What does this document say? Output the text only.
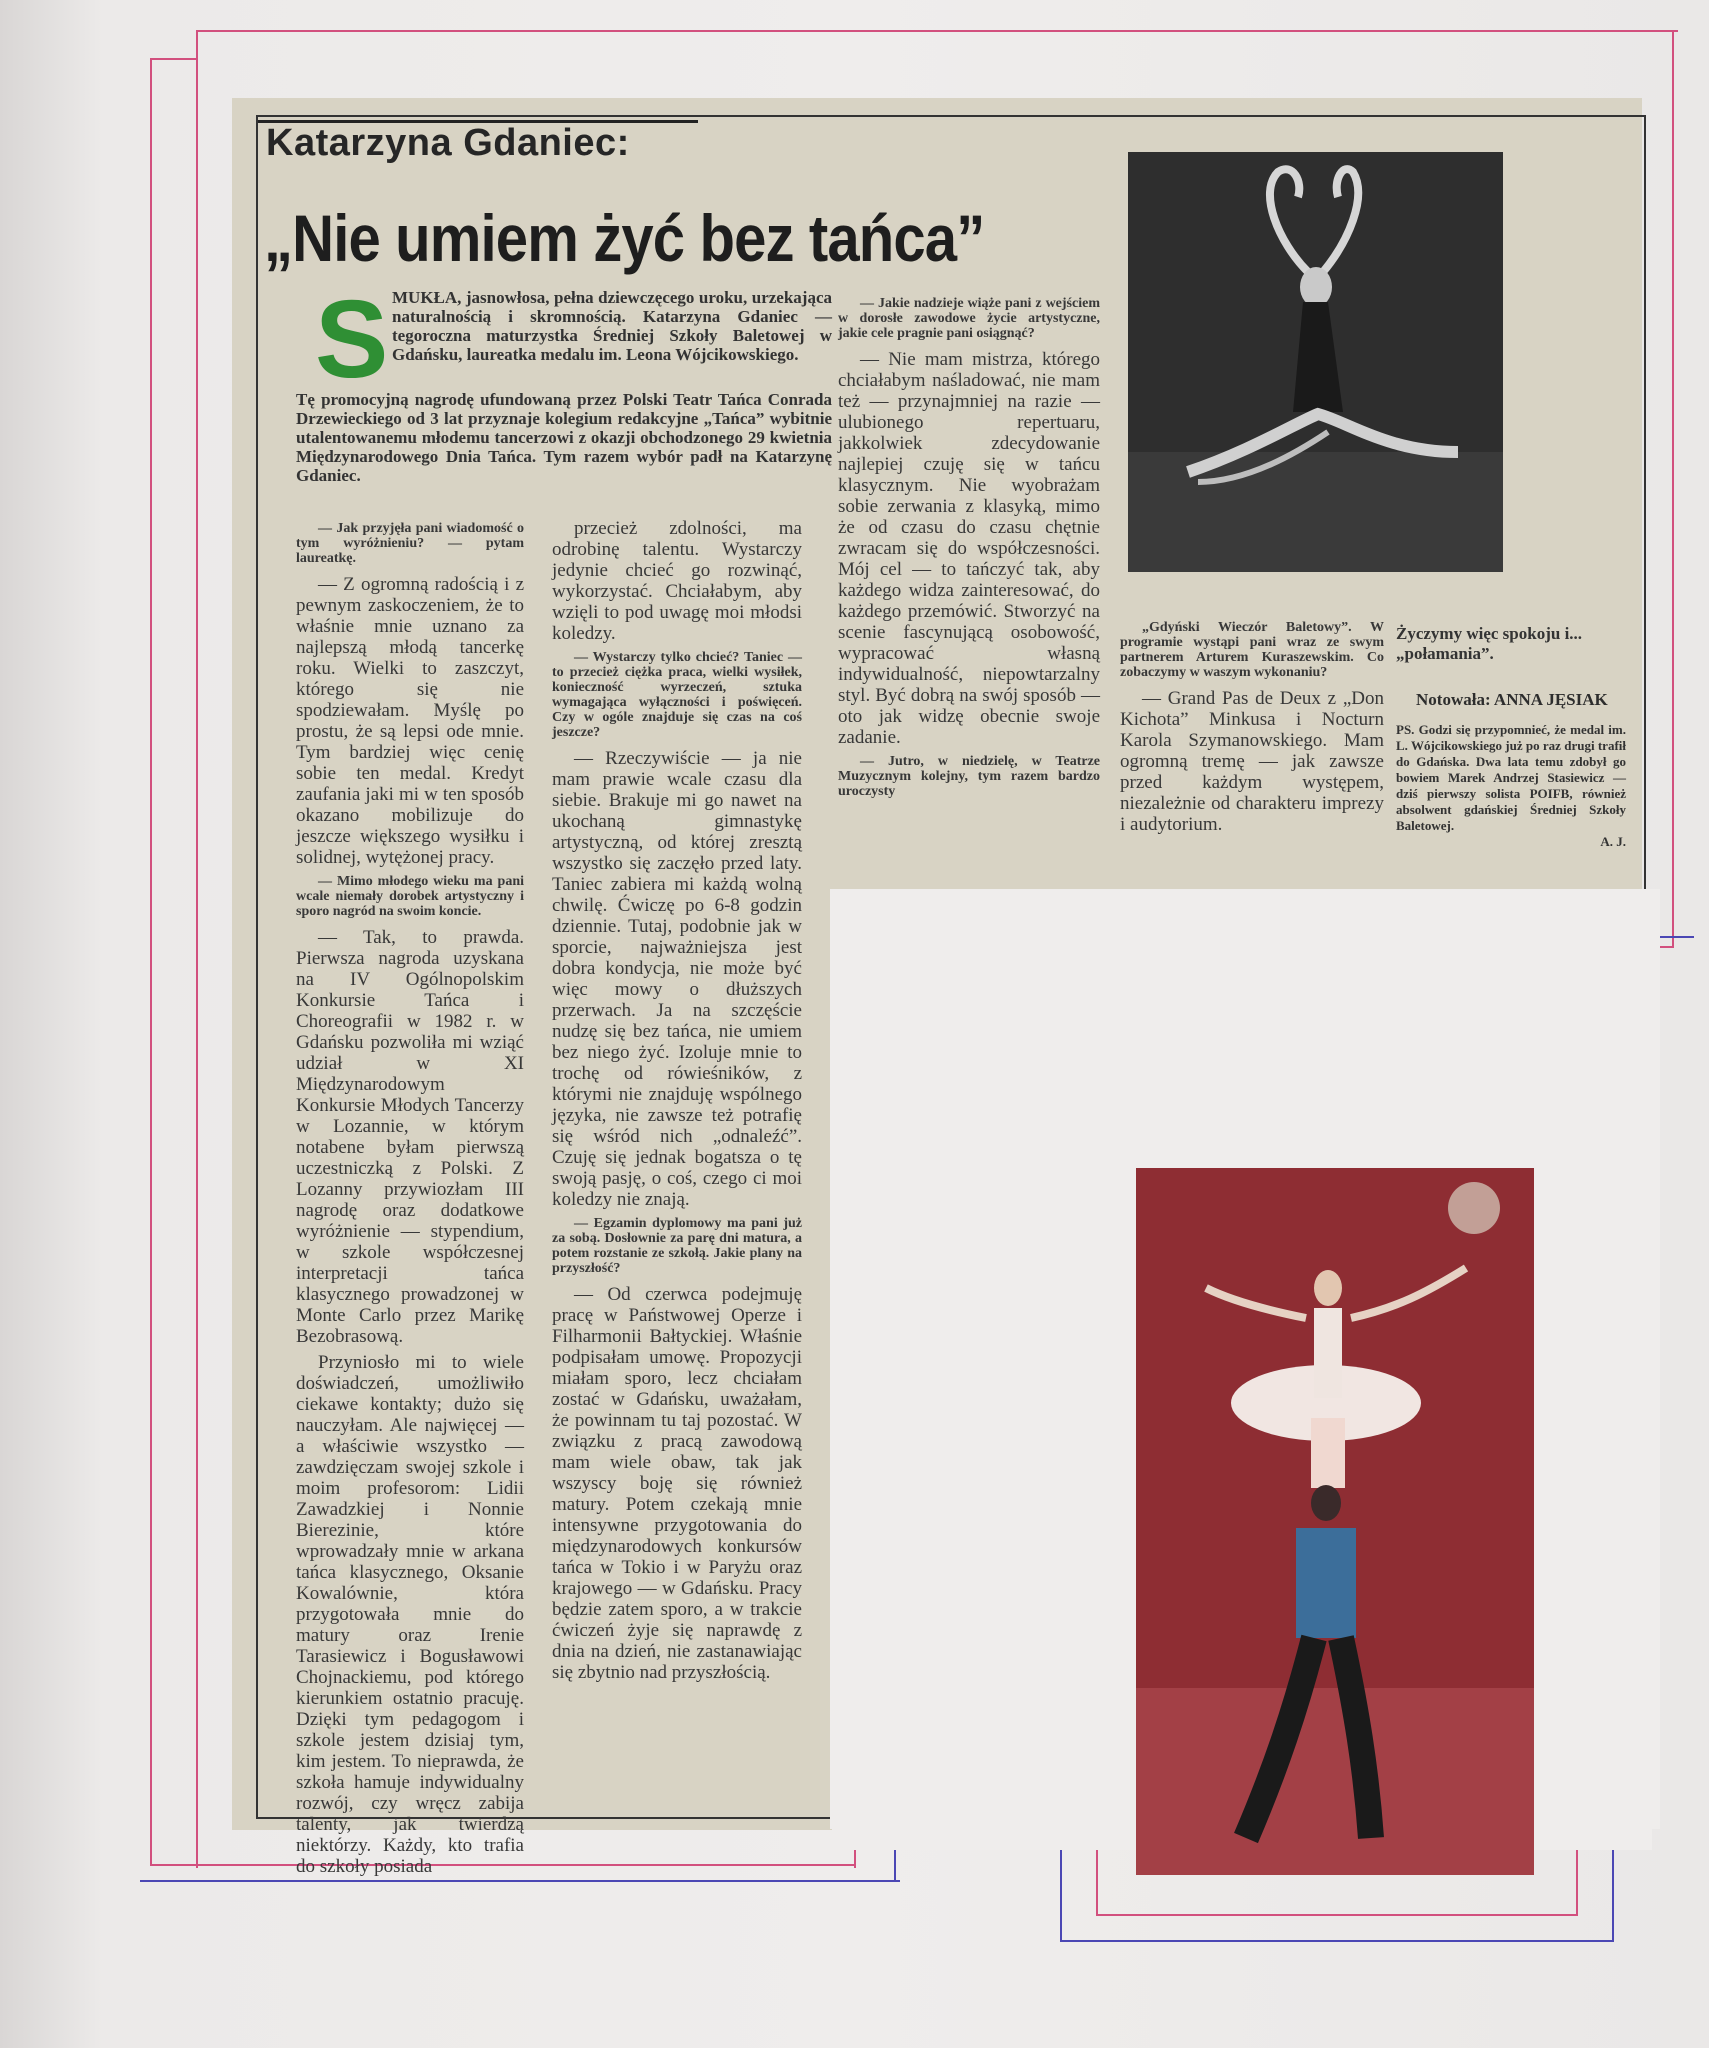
Katarzyna Gdaniec:
„Nie umiem żyć bez tańca”
S MUKŁA, jasnowłosa, pełna dziewczęcego uroku, urzekająca naturalnością i skromnością. Katarzyna Gdaniec — tegoroczna maturzystka Średniej Szkoły Baletowej w Gdańsku, laureatka medalu im. Leona Wójcikowskiego.
Tę promocyjną nagrodę ufundowaną przez Polski Teatr Tańca Conrada Drzewieckiego od 3 lat przyznaje kolegium redakcyjne „Tańca” wybitnie utalentowanemu młodemu tancerzowi z okazji obchodzonego 29 kwietnia Międzynarodowego Dnia Tańca. Tym razem wybór padł na Katarzynę Gdaniec.

— Jak przyjęła pani wiadomość o tym wyróżnieniu? — pytam laureatkę.

— Z ogromną radością i z pewnym zaskoczeniem, że to właśnie mnie uznano za najlepszą młodą tancerkę roku. Wielki to zaszczyt, którego się nie spodziewałam. Myślę po prostu, że są lepsi ode mnie. Tym bardziej więc cenię sobie ten medal. Kredyt zaufania jaki mi w ten sposób okazano mobilizuje do jeszcze większego wysiłku i solidnej, wytężonej pracy.

— Mimo młodego wieku ma pani wcale niemały dorobek artystyczny i sporo nagród na swoim koncie.

— Tak, to prawda. Pierwsza nagroda uzyskana na IV Ogólnopolskim Konkursie Tańca i Choreografii w 1982 r. w Gdańsku pozwoliła mi wziąć udział w XI Międzynarodowym Konkursie Młodych Tancerzy w Lozannie, w którym notabene byłam pierwszą uczestniczką z Polski. Z Lozanny przywiozłam III nagrodę oraz dodatkowe wyróżnienie — stypendium, w szkole współczesnej interpretacji tańca klasycznego prowadzonej w Monte Carlo przez Marikę Bezobrasową.

Przyniosło mi to wiele doświadczeń, umożliwiło ciekawe kontakty; dużo się nauczyłam. Ale najwięcej — a właściwie wszystko — zawdzięczam swojej szkole i moim profesorom: Lidii Zawadzkiej i Nonnie Bierezinie, które wprowadzały mnie w arkana tańca klasycznego, Oksanie Kowalównie, która przygotowała mnie do matury oraz Irenie Tarasiewicz i Bogusławowi Chojnackiemu, pod którego kierunkiem ostatnio pracuję. Dzięki tym pedagogom i szkole jestem dzisiaj tym, kim jestem. To nieprawda, że szkoła hamuje indywidualny rozwój, czy wręcz zabija talenty, jak twierdzą niektórzy. Każdy, kto trafia do szkoły posiada

przecież zdolności, ma odrobinę talentu. Wystarczy jedynie chcieć go rozwinąć, wykorzystać. Chciałabym, aby wzięli to pod uwagę moi młodsi koledzy.

— Wystarczy tylko chcieć? Taniec — to przecież ciężka praca, wielki wysiłek, konieczność wyrzeczeń, sztuka wymagająca wyłączności i poświęceń. Czy w ogóle znajduje się czas na coś jeszcze?

— Rzeczywiście — ja nie mam prawie wcale czasu dla siebie. Brakuje mi go nawet na ukochaną gimnastykę artystyczną, od której zresztą wszystko się zaczęło przed laty. Taniec zabiera mi każdą wolną chwilę. Ćwiczę po 6-8 godzin dziennie. Tutaj, podobnie jak w sporcie, najważniejsza jest dobra kondycja, nie może być więc mowy o dłuższych przerwach. Ja na szczęście nudzę się bez tańca, nie umiem bez niego żyć. Izoluje mnie to trochę od rówieśników, z którymi nie znajduję wspólnego języka, nie zawsze też potrafię się wśród nich „odnaleźć”. Czuję się jednak bogatsza o tę swoją pasję, o coś, czego ci moi koledzy nie znają.

— Egzamin dyplomowy ma pani już za sobą. Dosłownie za parę dni matura, a potem rozstanie ze szkołą. Jakie plany na przyszłość?

— Od czerwca podejmuję pracę w Państwowej Operze i Filharmonii Bałtyckiej. Właśnie podpisałam umowę. Propozycji miałam sporo, lecz chciałam zostać w Gdańsku, uważałam, że powinnam tu taj pozostać. W związku z pracą zawodową mam wiele obaw, tak jak wszyscy boję się również matury. Potem czekają mnie intensywne przygotowania do międzynarodowych konkursów tańca w Tokio i w Paryżu oraz krajowego — w Gdańsku. Pracy będzie zatem sporo, a w trakcie ćwiczeń żyje się naprawdę z dnia na dzień, nie zastanawiając się zbytnio nad przyszłością.

— Jakie nadzieje wiąże pani z wejściem w dorosłe zawodowe życie artystyczne, jakie cele pragnie pani osiągnąć?

— Nie mam mistrza, którego chciałabym naśladować, nie mam też — przynajmniej na razie — ulubionego repertuaru, jakkolwiek zdecydowanie najlepiej czuję się w tańcu klasycznym. Nie wyobrażam sobie zerwania z klasyką, mimo że od czasu do czasu chętnie zwracam się do współczesności. Mój cel — to tańczyć tak, aby każdego widza zainteresować, do każdego przemówić. Stworzyć na scenie fascynującą osobowość, wypracować własną indywidualność, niepowtarzalny styl. Być dobrą na swój sposób — oto jak widzę obecnie swoje zadanie.

— Jutro, w niedzielę, w Teatrze Muzycznym kolejny, tym razem bardzo uroczysty

„Gdyński Wieczór Baletowy”. W programie wystąpi pani wraz ze swym partnerem Arturem Kuraszewskim. Co zobaczymy w waszym wykonaniu?

— Grand Pas de Deux z „Don Kichota” Minkusa i Nocturn Karola Szymanowskiego. Mam ogromną tremę — jak zawsze przed każdym występem, niezależnie od charakteru imprezy i audytorium.

Życzymy więc spokoju i... „połamania”.
Notowała: ANNA JĘSIAK
PS. Godzi się przypomnieć, że medal im. L. Wójcikowskiego już po raz drugi trafił do Gdańska. Dwa lata temu zdobył go bowiem Marek Andrzej Stasiewicz — dziś pierwszy solista POIFB, również absolwent gdańskiej Średniej Szkoły Baletowej.
A. J.
